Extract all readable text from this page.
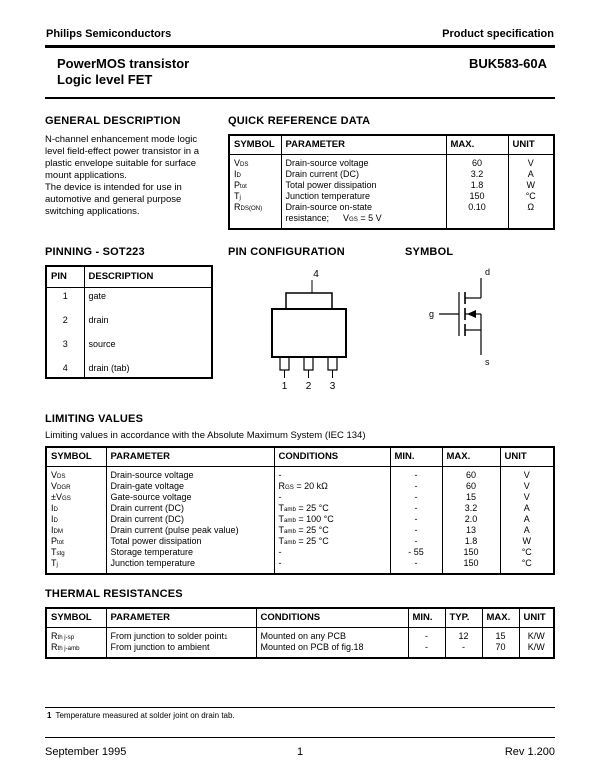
Philips Semiconductors	Product specification
PowerMOS transistor
Logic level FET
BUK583-60A
GENERAL DESCRIPTION

N-channel enhancement mode logic level field-effect power transistor in a plastic envelope suitable for surface mount applications.

The device is intended for use in automotive and general purpose switching applications.

QUICK REFERENCE DATA
SYMBOL	PARAMETER	MAX.	UNIT
$V_{DS}$	Drain-source voltage	60	V
$I_D$	Drain current (DC)	3.2	A
$P_{tot}$	Total power dissipation	1.8	W
$T_j$	Junction temperature	150	°C
$R_{DS(ON)}$	Drain-source on-state
resistance; $V_{GS} = 5$ V	0.10	Ω
PINNING - SOT223
PIN	DESCRIPTION
1	gate
2	drain
3	source
4	drain (tab)
PIN CONFIGURATION
4
1 2 3
SYMBOL
d
g
s
LIMITING VALUES

Limiting values in accordance with the Absolute Maximum System (IEC 134)

SYMBOL	PARAMETER	CONDITIONS	MIN.	MAX.	UNIT
$V_{DS}$	Drain-source voltage	-	-	60	V
$V_{DGR}$	Drain-gate voltage	$R_{GS} = 20$ kΩ	-	60	V
$\pm V_{GS}$	Gate-source voltage	-	-	15	V
$I_D$	Drain current (DC)	$T_{amb} = 25$ °C	-	3.2	A
$I_D$	Drain current (DC)	$T_{amb} = 100$ °C	-	2.0	A
$I_{DM}$	Drain current (pulse peak value)	$T_{amb} = 25$ °C	-	13	A
$P_{tot}$	Total power dissipation	$T_{amb} = 25$ °C	-	1.8	W
$T_{stg}$	Storage temperature	-	- 55	150	°C
$T_j$	Junction temperature	-	-	150	°C
THERMAL RESISTANCES
SYMBOL	PARAMETER	CONDITIONS	MIN.	TYP.	MAX.	UNIT
$R_{th j-sp}$	From junction to solder point$^1$	Mounted on any PCB	-	12	15	K/W
$R_{th j-amb}$	From junction to ambient	Mounted on PCB of fig.18	-	-	70	K/W

1 Temperature measured at solder joint on drain tab.

September 1995	1	Rev 1.200
